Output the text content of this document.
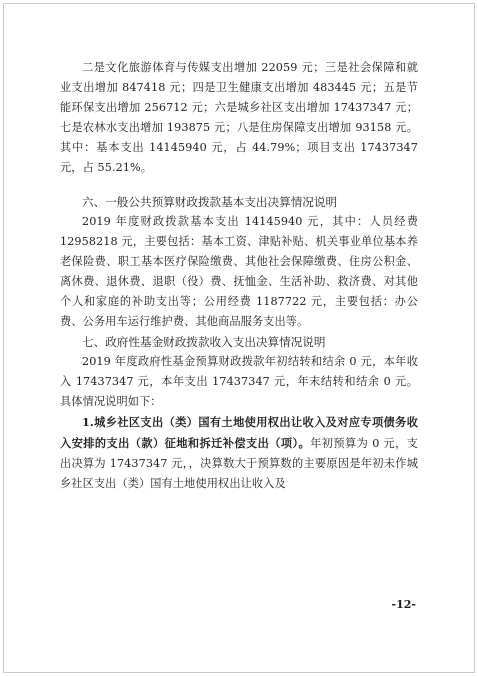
二是文化旅游体育与传媒支出增加 22059 元；三是社会保障和就业支出增加 847418 元；四是卫生健康支出增加 483445 元；五是节能环保支出增加 256712 元；六是城乡社区支出增加 17437347 元；七是农林水支出增加 193875 元；八是住房保障支出增加 93158 元。其中：基本支出 14145940 元，占 44.79%；项目支出 17437347 元，占 55.21%。

六、一般公共预算财政拨款基本支出决算情况说明

2019 年度财政拨款基本支出 14145940 元，其中：人员经费 12958218 元，主要包括：基本工资、津贴补贴、机关事业单位基本养老保险费、职工基本医疗保险缴费、其他社会保障缴费、住房公积金、离休费、退休费、退职（役）费、抚恤金、生活补助、救济费、对其他个人和家庭的补助支出等；公用经费 1187722 元，主要包括：办公费、公务用车运行维护费、其他商品服务支出等。

七、政府性基金财政拨款收入支出决算情况说明

2019 年度政府性基金预算财政拨款年初结转和结余 0 元，本年收入 17437347 元，本年支出 17437347 元，年末结转和结余 0 元。具体情况说明如下：

1.城乡社区支出（类）国有土地使用权出让收入及对应专项债务收入安排的支出（款）征地和拆迁补偿支出（项）。年初预算为 0 元，支出决算为 17437347 元，，决算数大于预算数的主要原因是年初未作城乡社区支出（类）国有土地使用权出让收入及

-12-
